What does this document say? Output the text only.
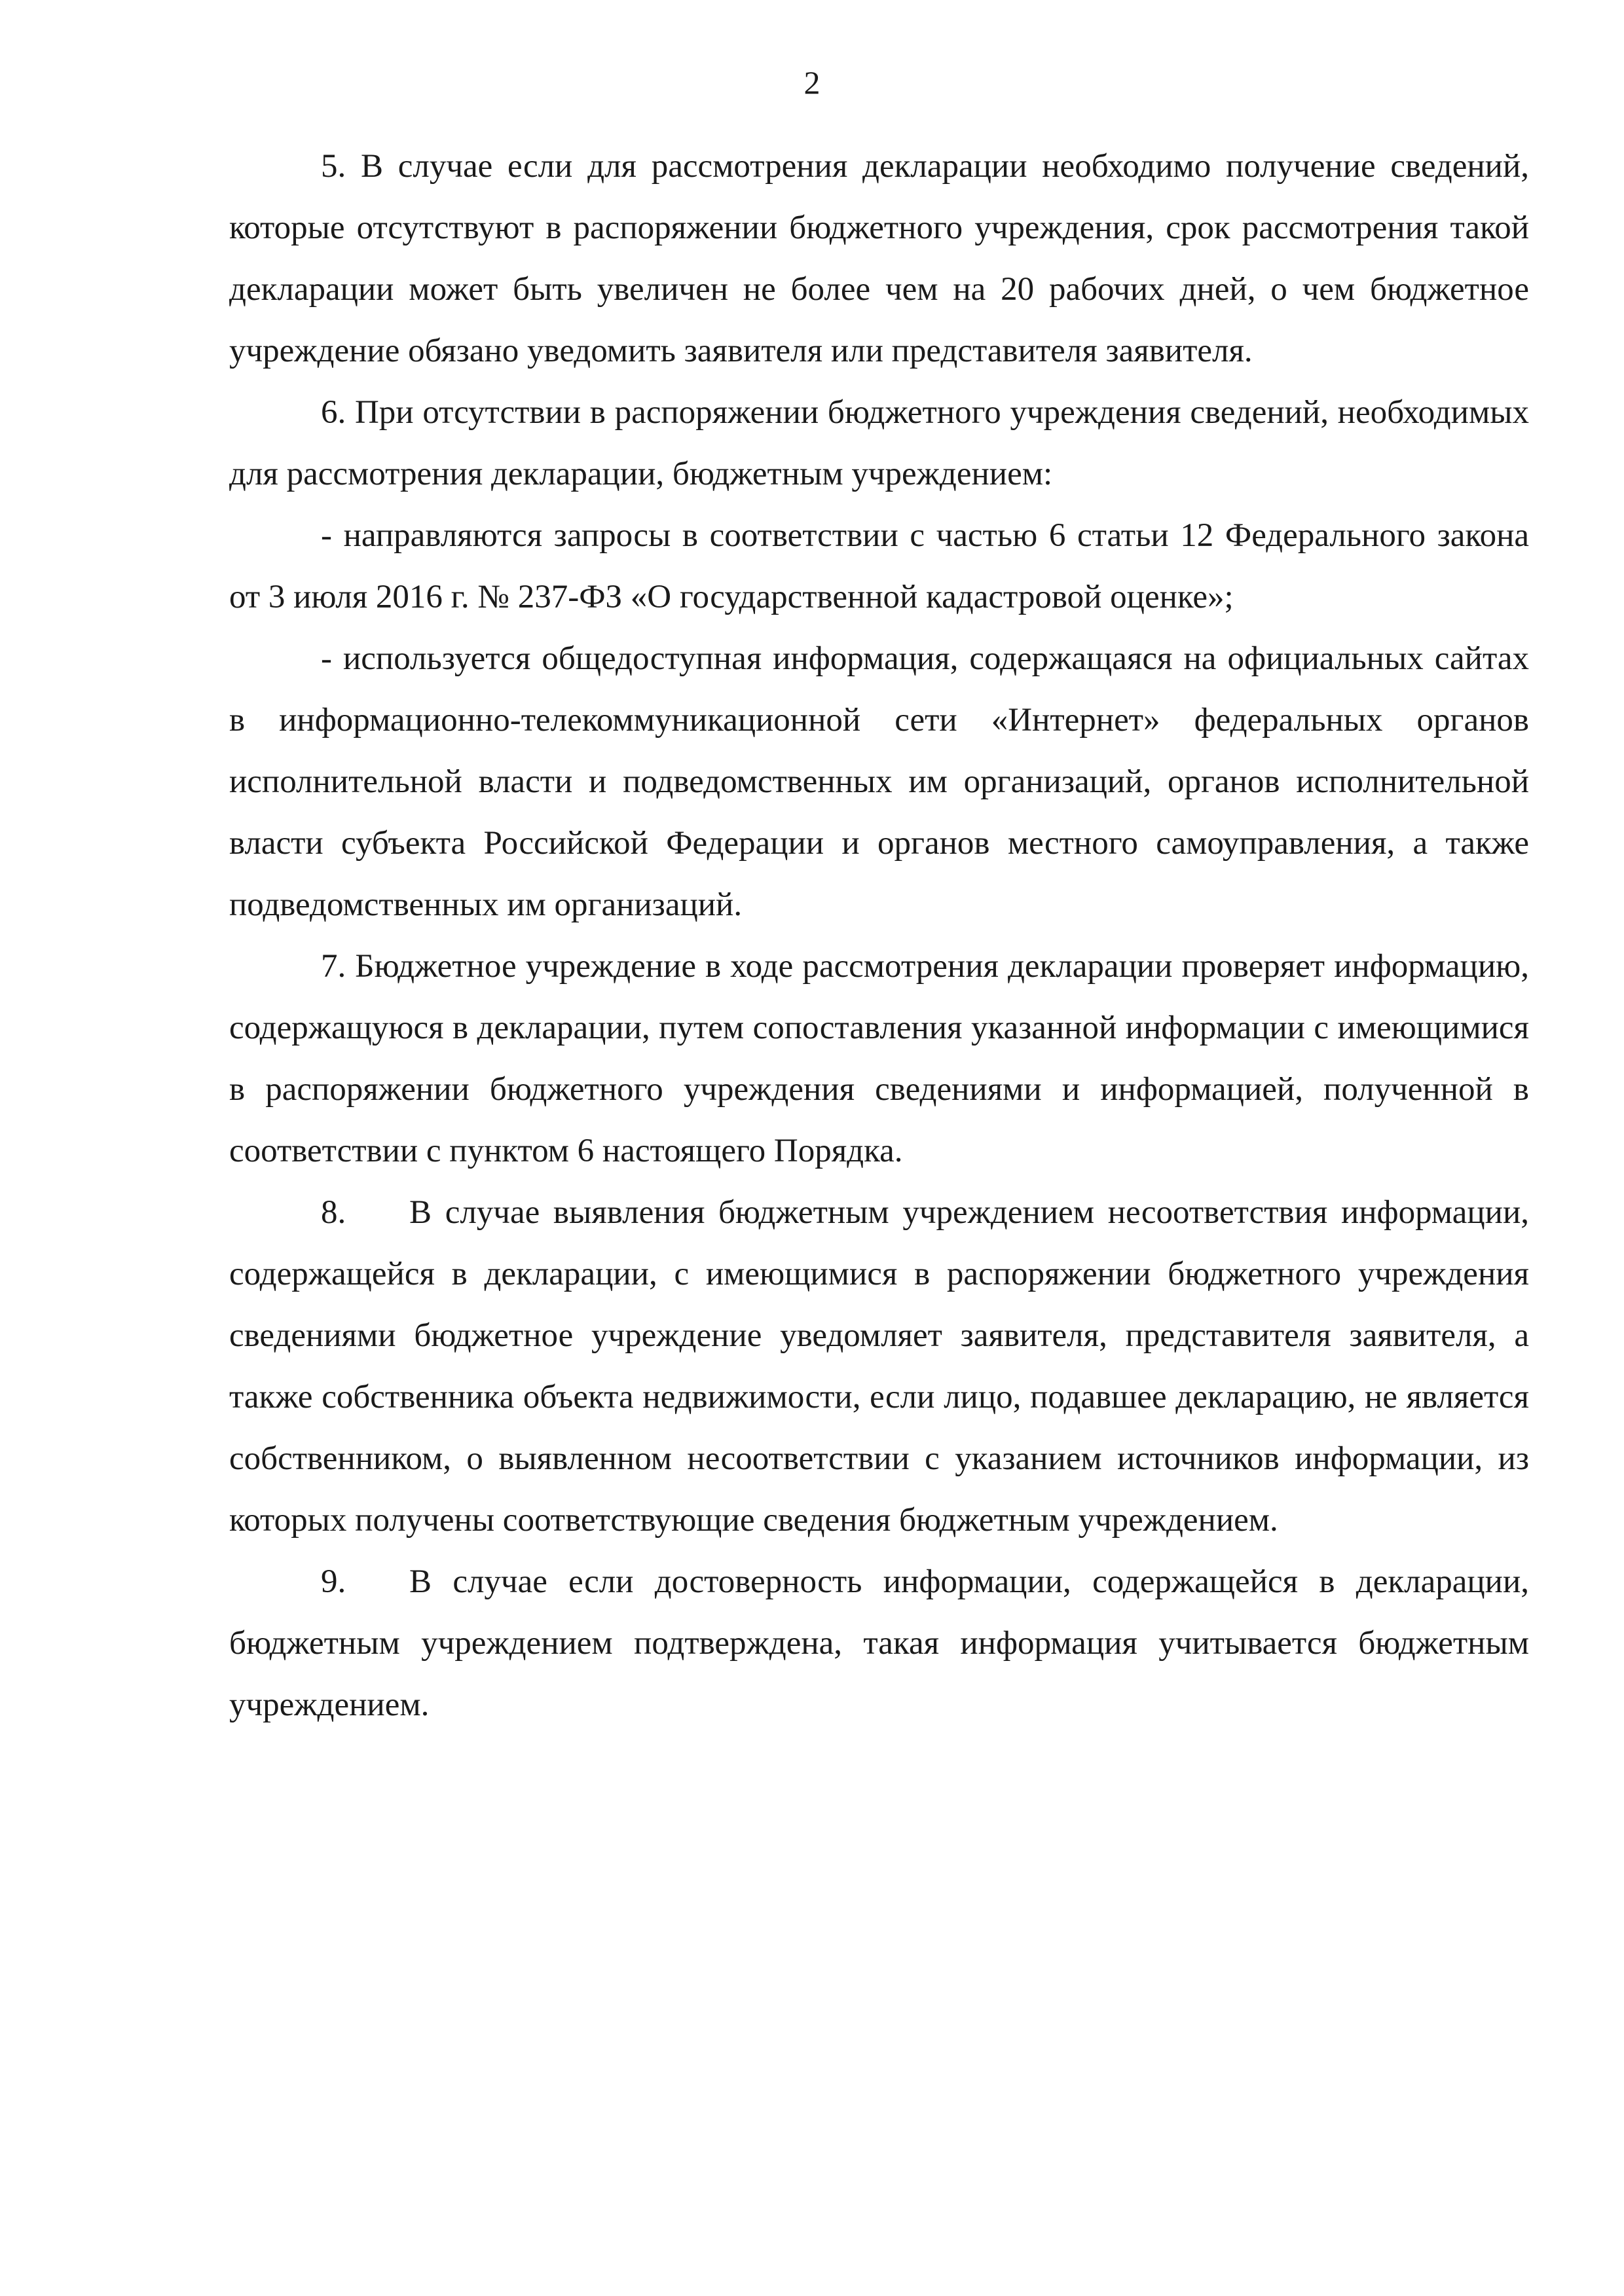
2

5. В случае если для рассмотрения декларации необходимо получение сведений, которые отсутствуют в распоряжении бюджетного учреждения, срок рассмотрения такой декларации может быть увеличен не более чем на 20 рабочих дней, о чем бюджетное учреждение обязано уведомить заявителя или представителя заявителя.

6. При отсутствии в распоряжении бюджетного учреждения сведений, необходимых для рассмотрения декларации, бюджетным учреждением:

- направляются запросы в соответствии с частью 6 статьи 12 Федерального закона от 3 июля 2016 г. № 237-ФЗ «О государственной кадастровой оценке»;

- используется общедоступная информация, содержащаяся на официальных сайтах в информационно-телекоммуникационной сети «Интернет» федеральных органов исполнительной власти и подведомственных им организаций, органов исполнительной власти субъекта Российской Федерации и органов местного самоуправления, а также подведомственных им организаций.

7. Бюджетное учреждение в ходе рассмотрения декларации проверяет информацию, содержащуюся в декларации, путем сопоставления указанной информации с имеющимися в распоряжении бюджетного учреждения сведениями и информацией, полученной в соответствии с пунктом 6 настоящего Порядка.

8. В случае выявления бюджетным учреждением несоответствия информации, содержащейся в декларации, с имеющимися в распоряжении бюджетного учреждения сведениями бюджетное учреждение уведомляет заявителя, представителя заявителя, а также собственника объекта недвижимости, если лицо, подавшее декларацию, не является собственником, о выявленном несоответствии с указанием источников информации, из которых получены соответствующие сведения бюджетным учреждением.

9. В случае если достоверность информации, содержащейся в декларации, бюджетным учреждением подтверждена, такая информация учитывается бюджетным учреждением.
